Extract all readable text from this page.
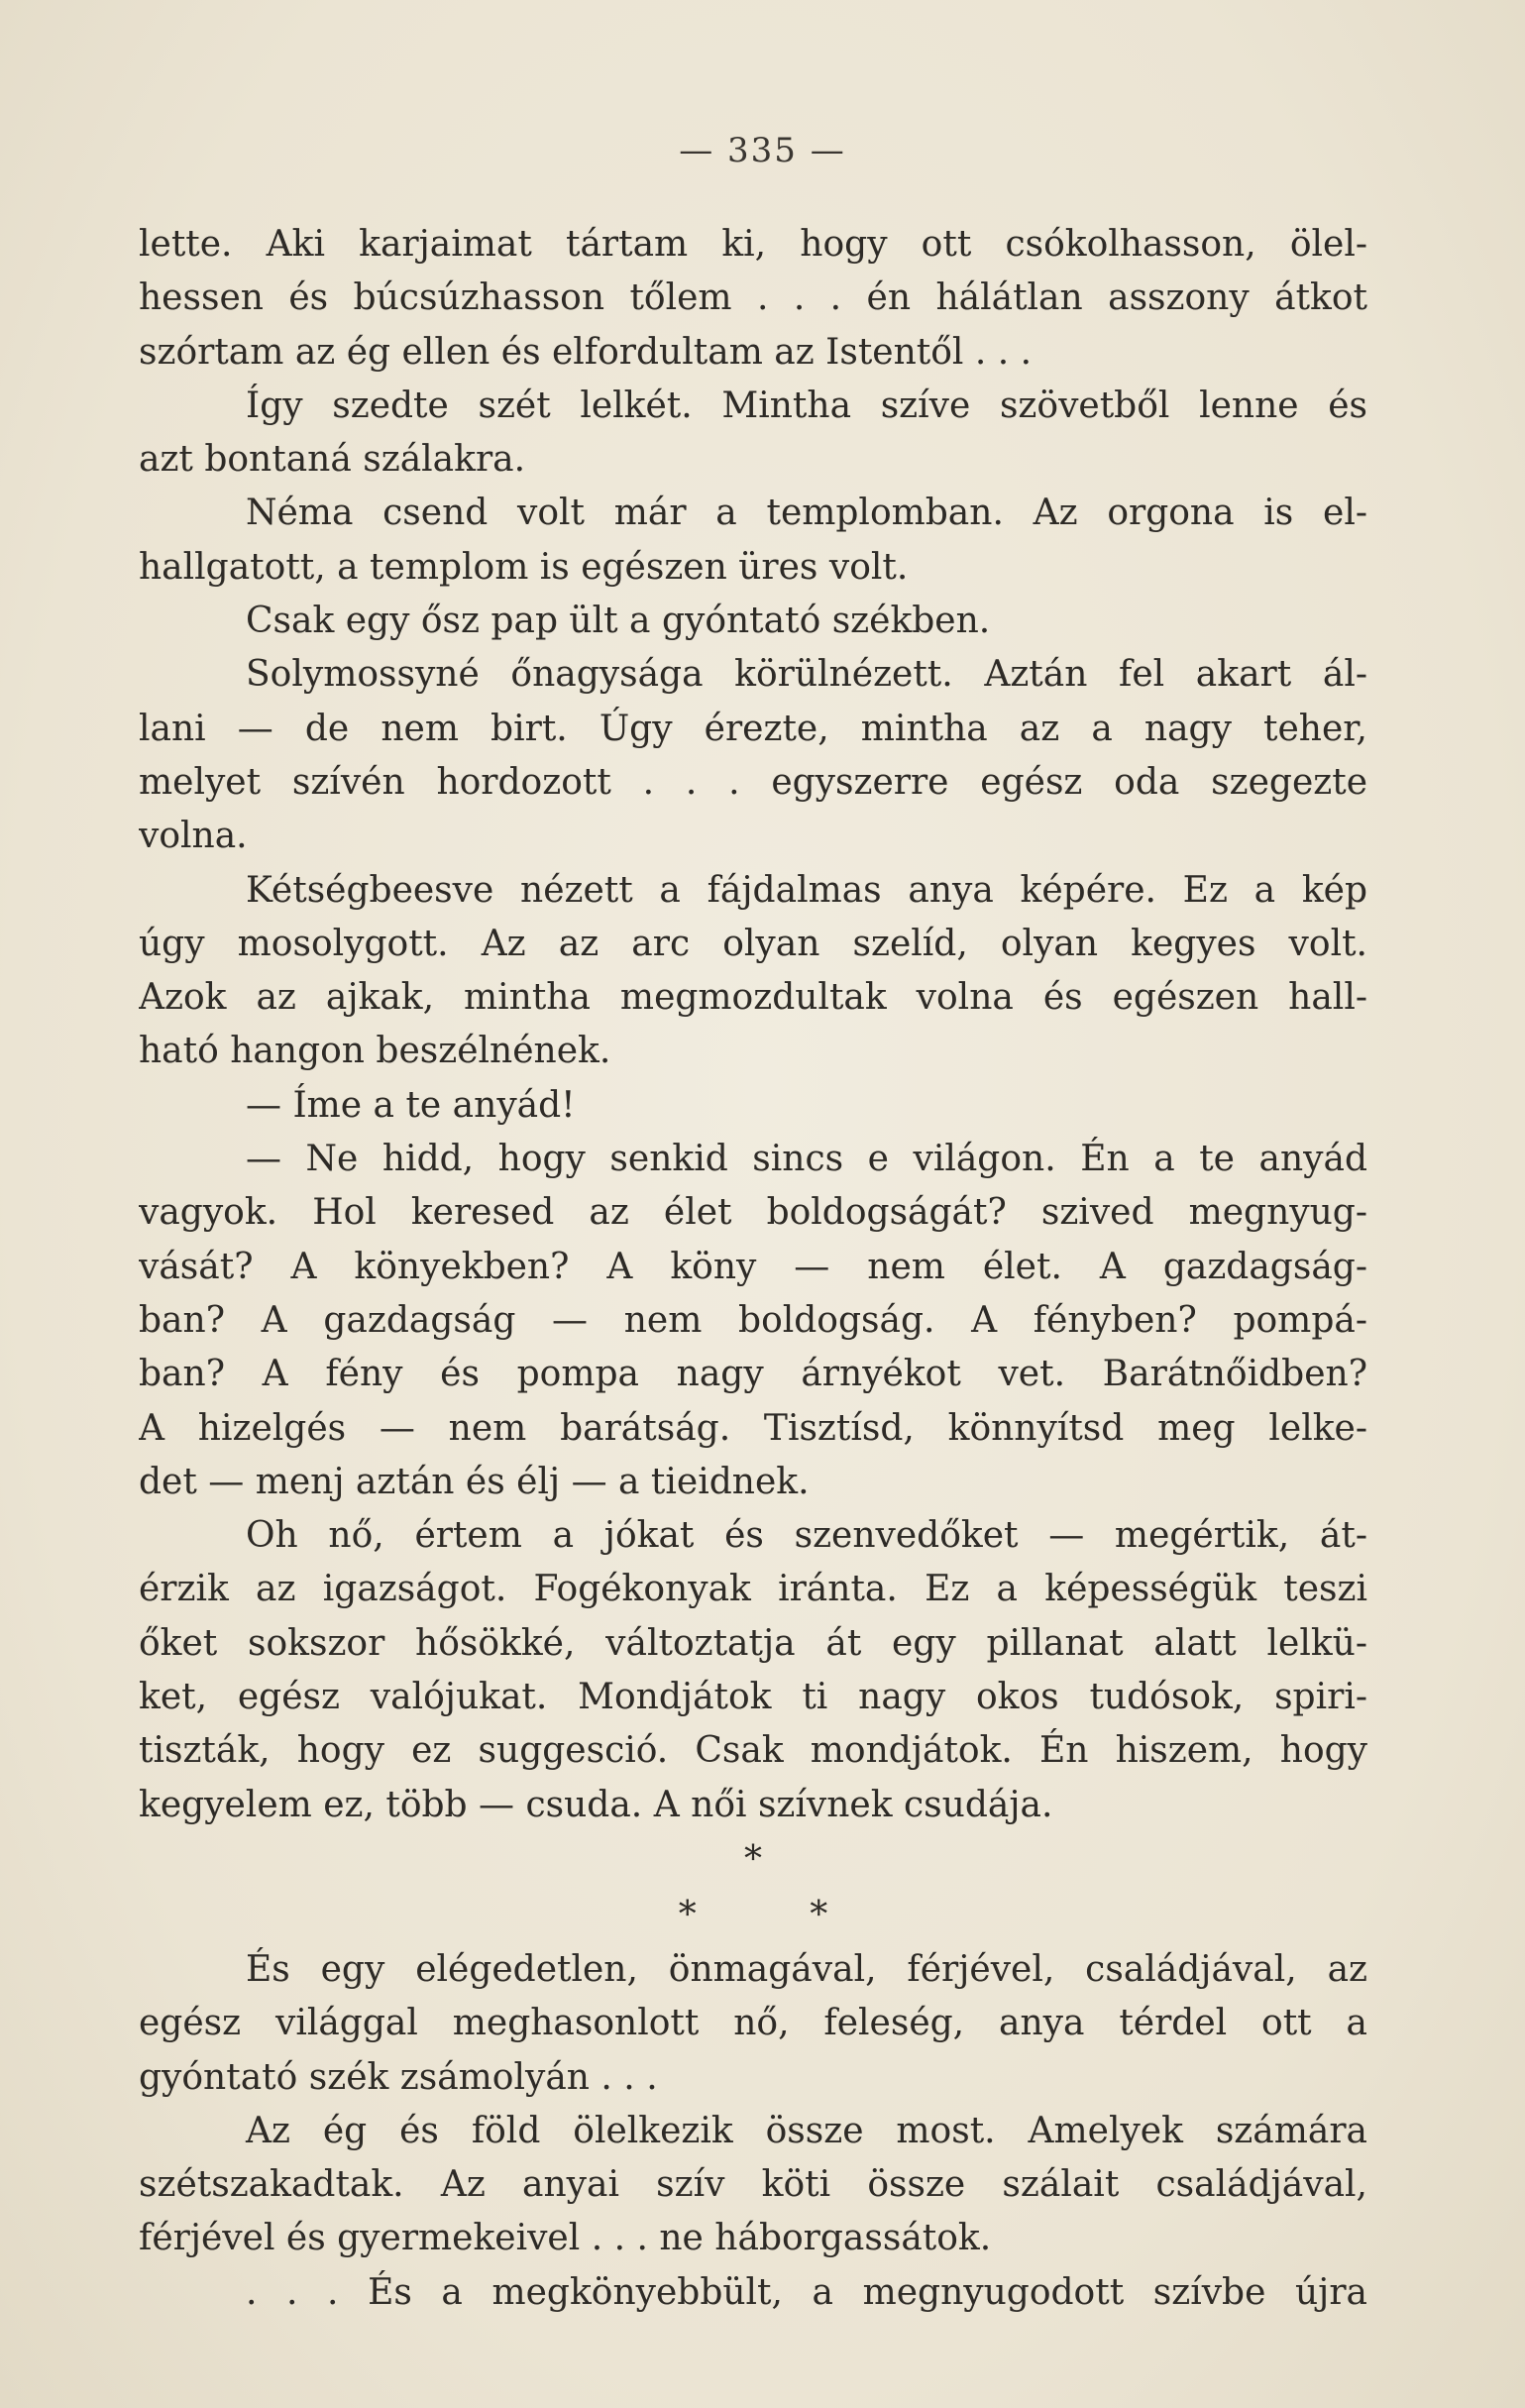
— 335 —
lette. Aki karjaimat tártam ki, hogy ott csókolhasson, ölel-
hessen és búcsúzhasson tőlem . . . én hálátlan asszony átkot
szórtam az ég ellen és elfordultam az Istentől . . .
Így szedte szét lelkét. Mintha szíve szövetből lenne és
azt bontaná szálakra.
Néma csend volt már a templomban. Az orgona is el-
hallgatott, a templom is egészen üres volt.
Csak egy ősz pap ült a gyóntató székben.
Solymossyné őnagysága körülnézett. Aztán fel akart ál-
lani — de nem birt. Úgy érezte, mintha az a nagy teher,
melyet szívén hordozott . . . egyszerre egész oda szegezte
volna.
Kétségbeesve nézett a fájdalmas anya képére. Ez a kép
úgy mosolygott. Az az arc olyan szelíd, olyan kegyes volt.
Azok az ajkak, mintha megmozdultak volna és egészen hall-
ható hangon beszélnének.
— Íme a te anyád!
— Ne hidd, hogy senkid sincs e világon. Én a te anyád
vagyok. Hol keresed az élet boldogságát? szived megnyug-
vását? A könyekben? A köny — nem élet. A gazdagság-
ban? A gazdagság — nem boldogság. A fényben? pompá-
ban? A fény és pompa nagy árnyékot vet. Barátnőidben?
A hizelgés — nem barátság. Tisztísd, könnyítsd meg lelke-
det — menj aztán és élj — a tieidnek.
Oh nő, értem a jókat és szenvedőket — megértik, át-
érzik az igazságot. Fogékonyak iránta. Ez a képességük teszi
őket sokszor hősökké, változtatja át egy pillanat alatt lelkü-
ket, egész valójukat. Mondjátok ti nagy okos tudósok, spiri-
tiszták, hogy ez suggesció. Csak mondjátok. Én hiszem, hogy
kegyelem ez, több — csuda. A női szívnek csudája.
*
*          *
És egy elégedetlen, önmagával, férjével, családjával, az
egész világgal meghasonlott nő, feleség, anya térdel ott a
gyóntató szék zsámolyán . . .
Az ég és föld ölelkezik össze most. Amelyek számára
szétszakadtak. Az anyai szív köti össze szálait családjával,
férjével és gyermekeivel . . . ne háborgassátok.
. . . És a megkönyebbült, a megnyugodott szívbe újra
